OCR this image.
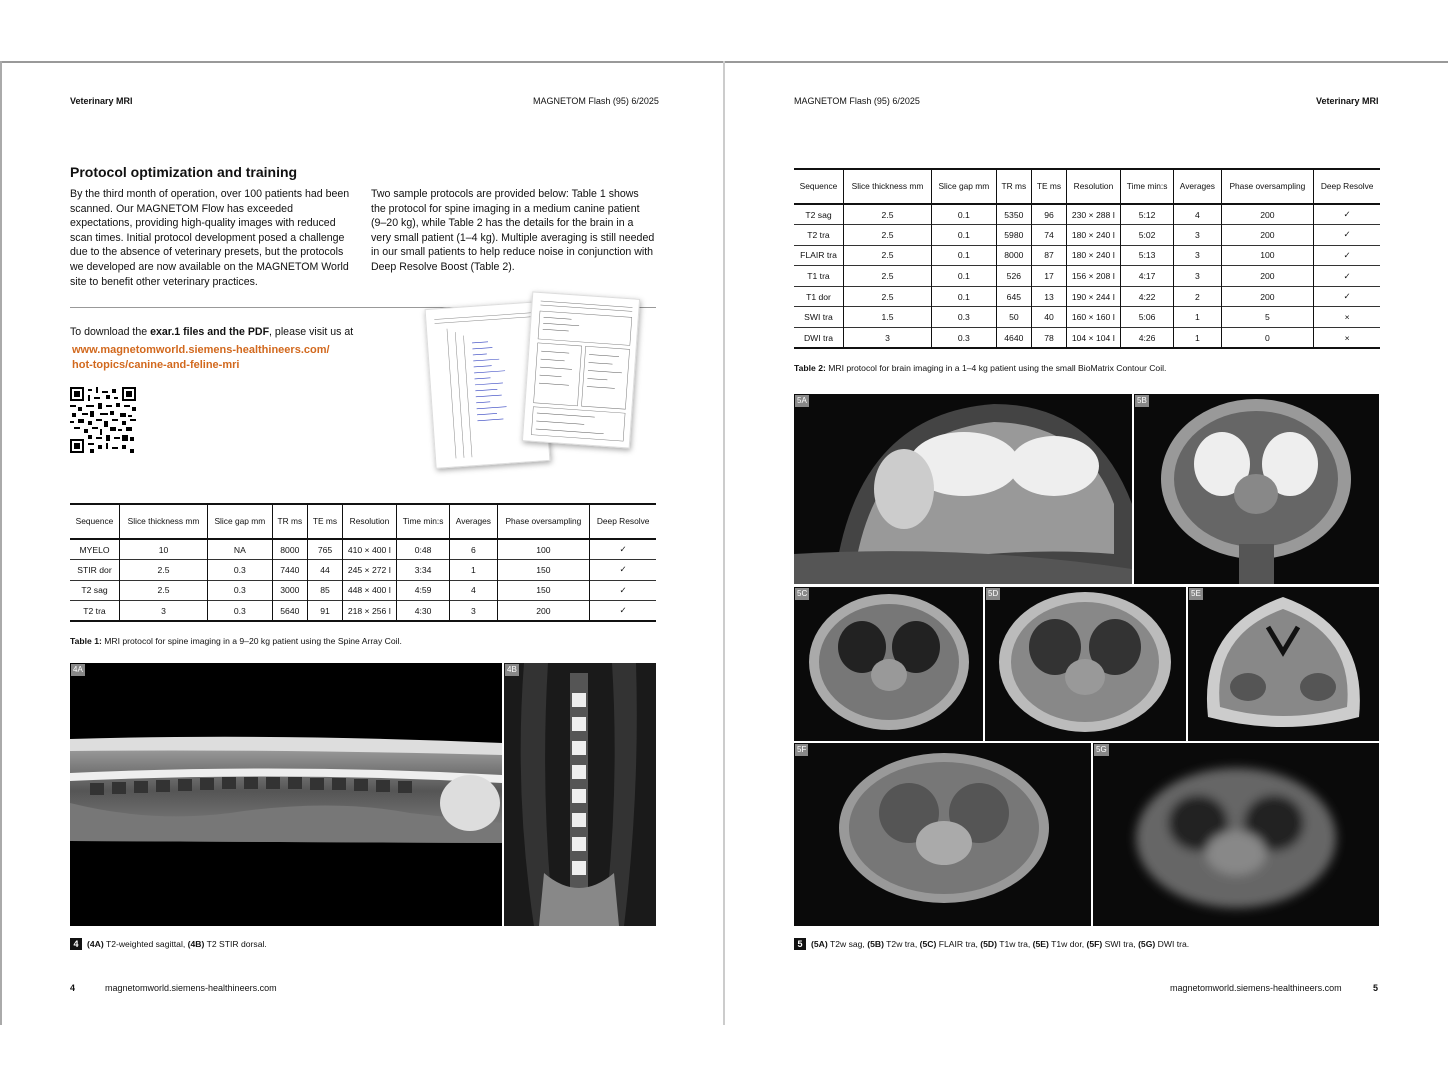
Veterinary MRI	MAGNETOM Flash (95) 6/2025
Protocol optimization and training

By the third month of operation, over 100 patients had been scanned. Our MAGNETOM Flow has exceeded expectations, providing high-quality images with reduced scan times. Initial protocol development posed a challenge due to the absence of veterinary presets, but the protocols we developed are now available on the MAGNETOM World site to benefit other veterinary practices.

Two sample protocols are provided below: Table 1 shows the protocol for spine imaging in a medium canine patient (9–20 kg), while Table 2 has the details for the brain in a very small patient (1–4 kg). Multiple averaging is still needed in our small patients to help reduce noise in conjunction with Deep Resolve Boost (Table 2).

To download the exar.1 files and the PDF, please visit us at
www.magnetomworld.siemens-healthineers.com/
hot-topics/canine-and-feline-mri
Sequence	Slice thickness mm	Slice gap mm	TR ms	TE ms	Resolution	Time min:s	Averages	Phase oversampling	Deep Resolve
MYELO	10	NA	8000	765	410 × 400 I	0:48	6	100	✓
STIR dor	2.5	0.3	7440	44	245 × 272 I	3:34	1	150	✓
T2 sag	2.5	0.3	3000	85	448 × 400 I	4:59	4	150	✓
T2 tra	3	0.3	5640	91	218 × 256 I	4:30	3	200	✓
Table 1: MRI protocol for spine imaging in a 9–20 kg patient using the Spine Array Coil.
4A	4B
4 (4A) T2-weighted sagittal, (4B) T2 STIR dorsal.
4	magnetomworld.siemens-healthineers.com
MAGNETOM Flash (95) 6/2025	Veterinary MRI
Sequence	Slice thickness mm	Slice gap mm	TR ms	TE ms	Resolution	Time min:s	Averages	Phase oversampling	Deep Resolve
T2 sag	2.5	0.1	5350	96	230 × 288 I	5:12	4	200	✓
T2 tra	2.5	0.1	5980	74	180 × 240 I	5:02	3	200	✓
FLAIR tra	2.5	0.1	8000	87	180 × 240 I	5:13	3	100	✓
T1 tra	2.5	0.1	526	17	156 × 208 I	4:17	3	200	✓
T1 dor	2.5	0.1	645	13	190 × 244 I	4:22	2	200	✓
SWI tra	1.5	0.3	50	40	160 × 160 I	5:06	1	5	×
DWI tra	3	0.3	4640	78	104 × 104 I	4:26	1	0	×
Table 2: MRI protocol for brain imaging in a 1–4 kg patient using the small BioMatrix Contour Coil.
5A	5B
5C	5D	5E
5F	5G
5 (5A) T2w sag, (5B) T2w tra, (5C) FLAIR tra, (5D) T1w tra, (5E) T1w dor, (5F) SWI tra, (5G) DWI tra.
magnetomworld.siemens-healthineers.com	5
